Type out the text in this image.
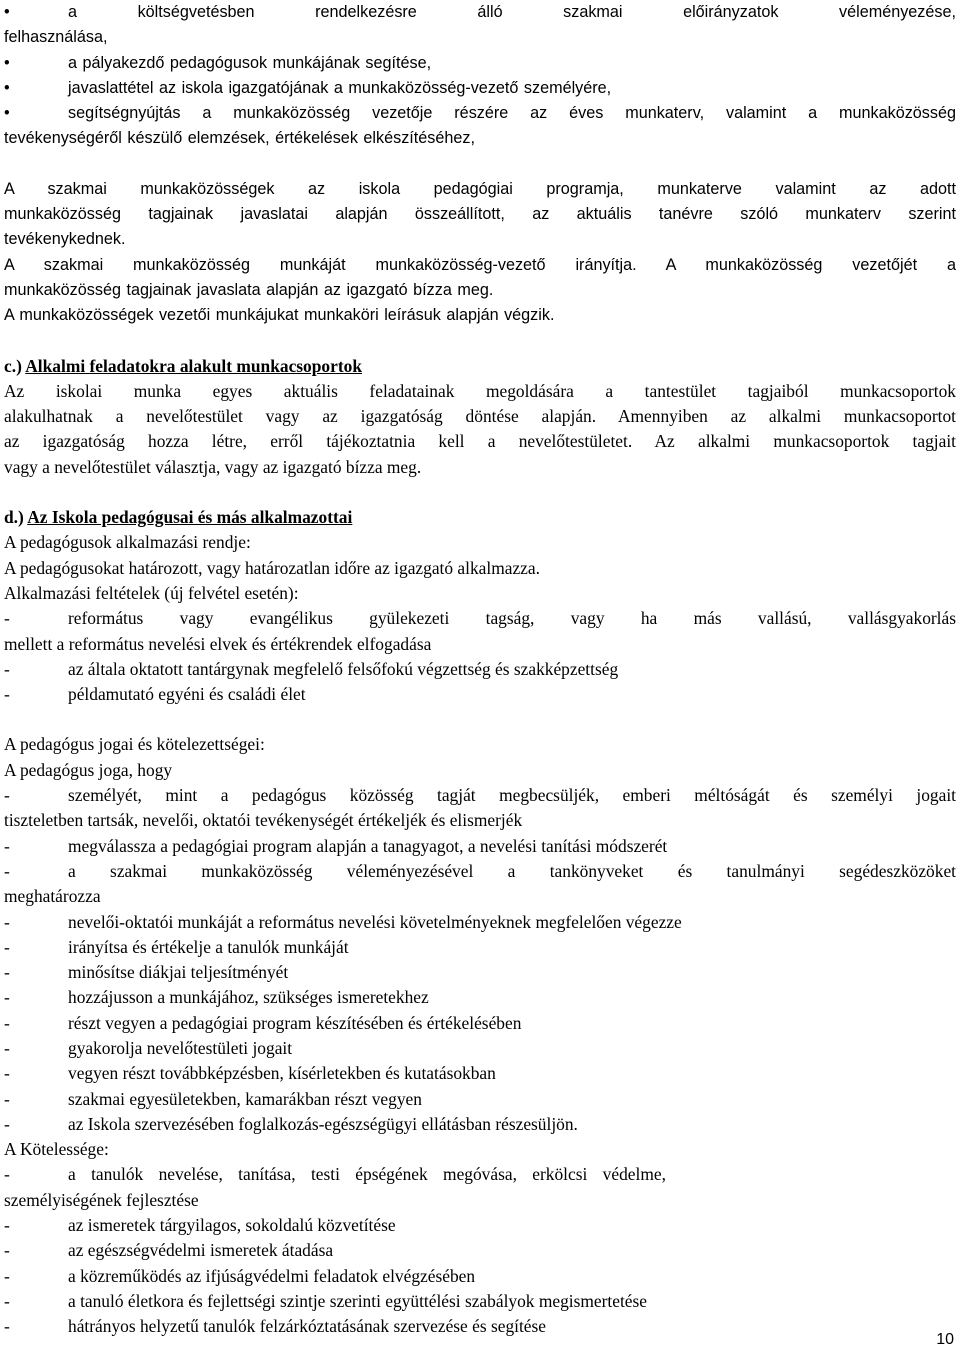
• a költségvetésben rendelkezésre álló szakmai előirányzatok véleményezése,
felhasználása,
• a pályakezdő pedagógusok munkájának segítése,
• javaslattétel az iskola igazgatójának a munkaközösség-vezető személyére,
• segítségnyújtás a munkaközösség vezetője részére az éves munkaterv, valamint a munkaközösség
tevékenységéről készülő elemzések, értékelések elkészítéséhez,

A szakmai munkaközösségek az iskola pedagógiai programja, munkaterve valamint az adott

munkaközösség tagjainak javaslatai alapján összeállított, az aktuális tanévre szóló munkaterv szerint

tevékenykednek.

A szakmai munkaközösség munkáját munkaközösség-vezető irányítja. A munkaközösség vezetőjét a

munkaközösség tagjainak javaslata alapján az igazgató bízza meg.

A munkaközösségek vezetői munkájukat munkaköri leírásuk alapján végzik.

c.) Alkalmi feladatokra alakult munkacsoportok

Az iskolai munka egyes aktuális feladatainak megoldására a tantestület tagjaiból munkacsoportok

alakulhatnak a nevelőtestület vagy az igazgatóság döntése alapján. Amennyiben az alkalmi munkacsoportot

az igazgatóság hozza létre, erről tájékoztatnia kell a nevelőtestületet. Az alkalmi munkacsoportok tagjait

vagy a nevelőtestület választja, vagy az igazgató bízza meg.

d.) Az Iskola pedagógusai és más alkalmazottai

A pedagógusok alkalmazási rendje:

A pedagógusokat határozott, vagy határozatlan időre az igazgató alkalmazza.

Alkalmazási feltételek (új felvétel esetén):

- református vagy evangélikus gyülekezeti tagság, vagy ha más vallású, vallásgyakorlás
mellett a református nevelési elvek és értékrendek elfogadása
- az általa oktatott tantárgynak megfelelő felsőfokú végzettség és szakképzettség
- példamutató egyéni és családi élet

A pedagógus jogai és kötelezettségei:

A pedagógus joga, hogy

- személyét, mint a pedagógus közösség tagját megbecsüljék, emberi méltóságát és személyi jogait
tiszteletben tartsák, nevelői, oktatói tevékenységét értékeljék és elismerjék
- megválassza a pedagógiai program alapján a tanagyagot, a nevelési tanítási módszerét
- a szakmai munkaközösség véleményezésével a tankönyveket és tanulmányi segédeszközöket
meghatározza
- nevelői-oktatói munkáját a református nevelési követelményeknek megfelelően végezze
- irányítsa és értékelje a tanulók munkáját
- minősítse diákjai teljesítményét
- hozzájusson a munkájához, szükséges ismeretekhez
- részt vegyen a pedagógiai program készítésében és értékelésében
- gyakorolja nevelőtestületi jogait
- vegyen részt továbbképzésben, kísérletekben és kutatásokban
- szakmai egyesületekben, kamarákban részt vegyen
- az Iskola szervezésében foglalkozás-egészségügyi ellátásban részesüljön.

A Kötelessége:

- a tanulók nevelése, tanítása, testi épségének megóvása, erkölcsi védelme,
személyiségének fejlesztése
- az ismeretek tárgyilagos, sokoldalú közvetítése
- az egészségvédelmi ismeretek átadása
- a közreműködés az ifjúságvédelmi feladatok elvégzésében
- a tanuló életkora és fejlettségi szintje szerinti együttélési szabályok megismertetése
- hátrányos helyzetű tanulók felzárkóztatásának szervezése és segítése
10
